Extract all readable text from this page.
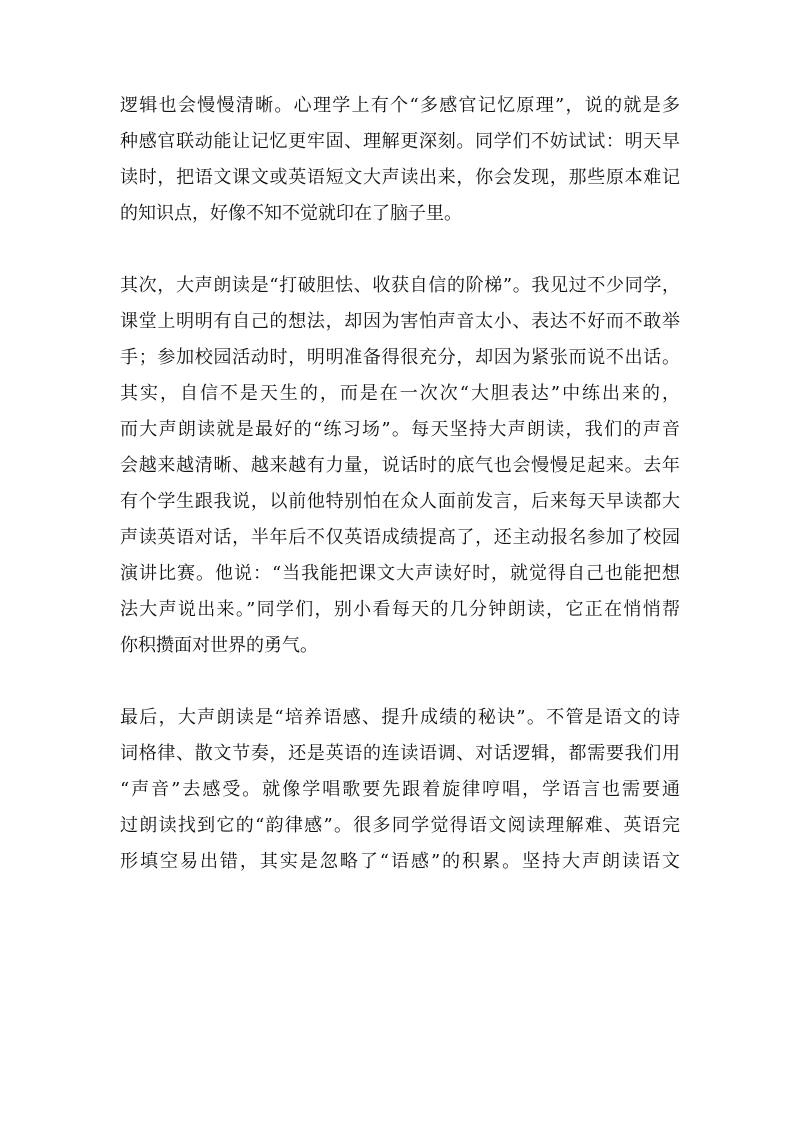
逻辑也会慢慢清晰。心理学上有个“多感官记忆原理”，说的就是多
种感官联动能让记忆更牢固、理解更深刻。同学们不妨试试：明天早
读时，把语文课文或英语短文大声读出来，你会发现，那些原本难记
的知识点，好像不知不觉就印在了脑子里。

其次，大声朗读是“打破胆怯、收获自信的阶梯”。我见过不少同学，
课堂上明明有自己的想法，却因为害怕声音太小、表达不好而不敢举
手；参加校园活动时，明明准备得很充分，却因为紧张而说不出话。
其实，自信不是天生的，而是在一次次“大胆表达”中练出来的，
而大声朗读就是最好的“练习场”。每天坚持大声朗读，我们的声音
会越来越清晰、越来越有力量，说话时的底气也会慢慢足起来。去年
有个学生跟我说，以前他特别怕在众人面前发言，后来每天早读都大
声读英语对话，半年后不仅英语成绩提高了，还主动报名参加了校园
演讲比赛。他说：“当我能把课文大声读好时，就觉得自己也能把想
法大声说出来。”同学们，别小看每天的几分钟朗读，它正在悄悄帮
你积攒面对世界的勇气。

最后，大声朗读是“培养语感、提升成绩的秘诀”。不管是语文的诗
词格律、散文节奏，还是英语的连读语调、对话逻辑，都需要我们用
“声音”去感受。就像学唱歌要先跟着旋律哼唱，学语言也需要通
过朗读找到它的“韵律感”。很多同学觉得语文阅读理解难、英语完
形填空易出错，其实是忽略了“语感”的积累。坚持大声朗读语文
